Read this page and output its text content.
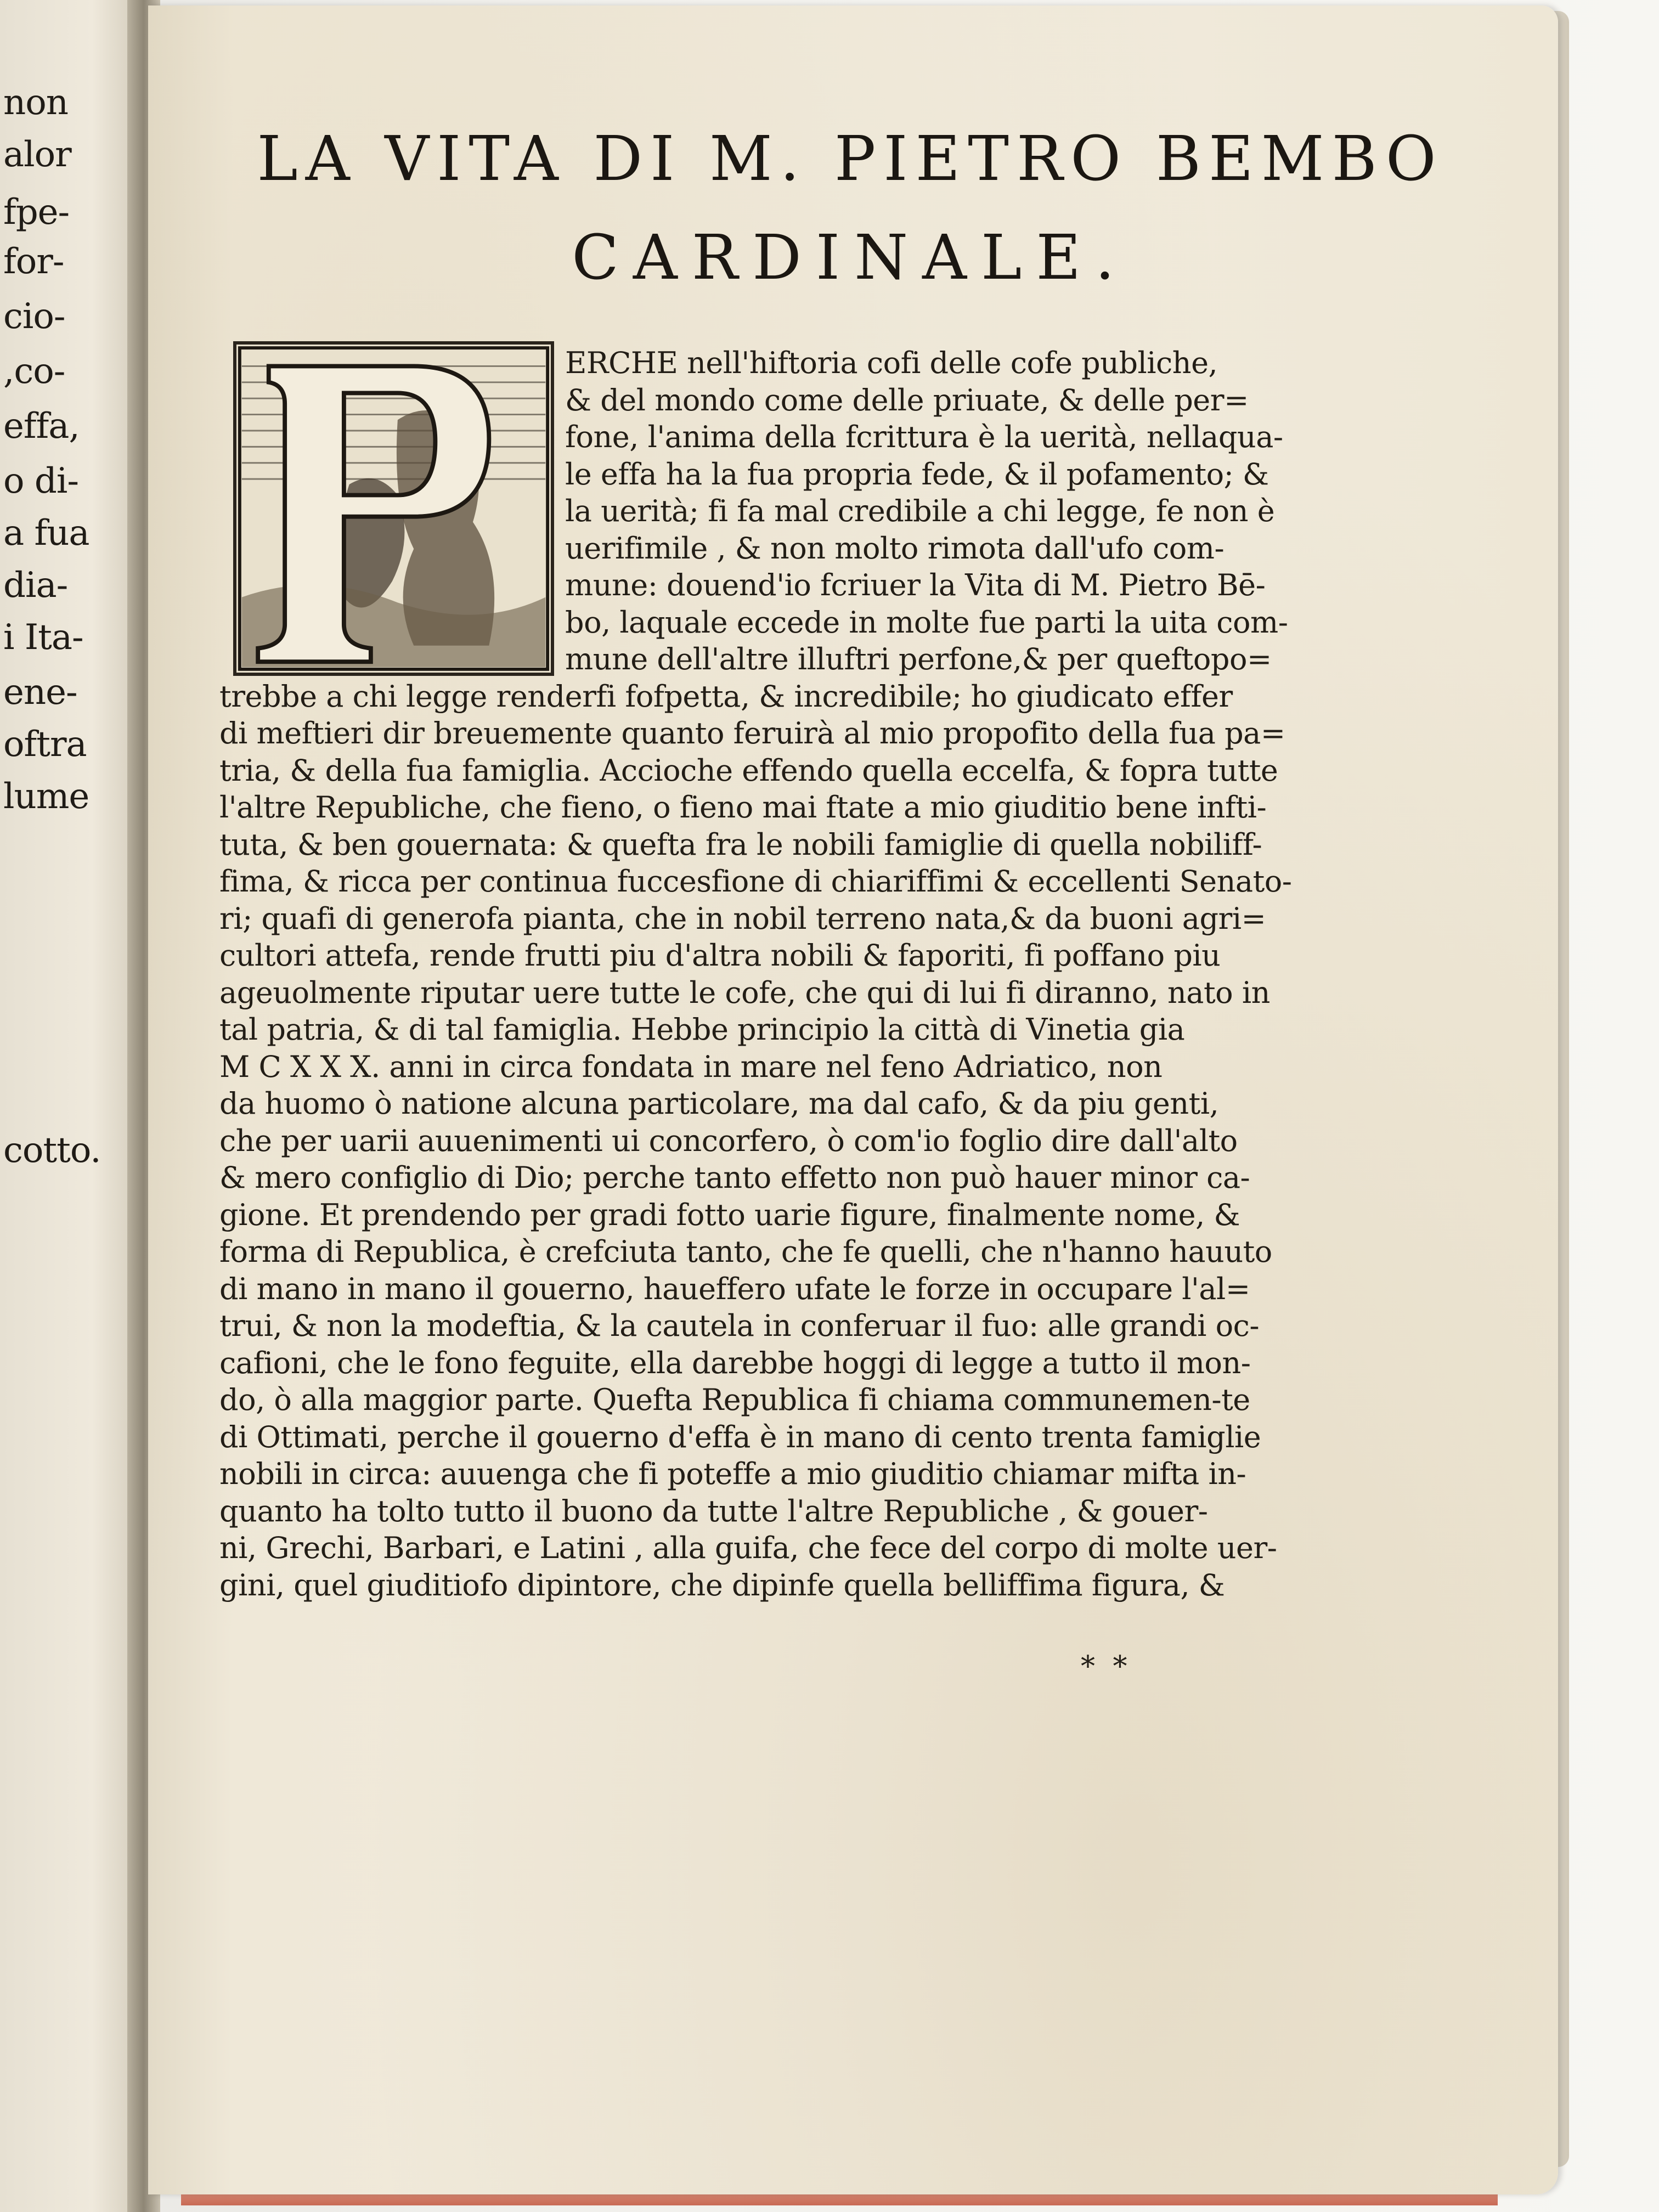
non
alor
fpe-
for-
cio-
,co-
effa,
o di-
a fua
dia-
i Ita-
ene-
oftra
lume
cotto.
LA VITA DI M. PIETRO BEMBO
CARDINALE.
ERCHE nell'hiftoria cofi delle cofe publiche,
& del mondo come delle priuate, & delle per=
fone, l'anima della fcrittura è la uerità, nellaqua-
le effa ha la fua propria fede, & il pofamento; &
la uerità; fi fa mal credibile a chi legge, fe non è
uerifimile , & non molto rimota dall'ufo com-
mune: douend'io fcriuer la Vita di M. Pietro Bē-
bo, laquale eccede in molte fue parti la uita com-
mune dell'altre illuftri perfone,& per queftopo=
trebbe a chi legge renderfi fofpetta, & incredibile; ho giudicato effer
di meftieri dir breuemente quanto feruirà al mio propofito della fua pa=
tria, & della fua famiglia. Accioche effendo quella eccelfa, & fopra tutte
l'altre Republiche, che fieno, o fieno mai ftate a mio giuditio bene infti-
tuta, & ben gouernata: & quefta fra le nobili famiglie di quella nobiliff-
fima, & ricca per continua fuccesfione di chiariffimi & eccellenti Senato-
ri; quafi di generofa pianta, che in nobil terreno nata,& da buoni agri=
cultori attefa, rende frutti piu d'altra nobili & faporiti, fi poffano piu
ageuolmente riputar uere tutte le cofe, che qui di lui fi diranno, nato in
tal patria, & di tal famiglia. Hebbe principio la città di Vinetia gia
M C X X X. anni in circa fondata in mare nel feno Adriatico, non
da huomo ò natione alcuna particolare, ma dal cafo, & da piu genti,
che per uarii auuenimenti ui concorfero, ò com'io foglio dire dall'alto
& mero configlio di Dio; perche tanto effetto non può hauer minor ca-
gione. Et prendendo per gradi fotto uarie figure, finalmente nome, &
forma di Republica, è crefciuta tanto, che fe quelli, che n'hanno hauuto
di mano in mano il gouerno, haueffero ufate le forze in occupare l'al=
trui, & non la modeftia, & la cautela in conferuar il fuo: alle grandi oc-
cafioni, che le fono feguite, ella darebbe hoggi di legge a tutto il mon-
do, ò alla maggior parte. Quefta Republica fi chiama communemen-te
di Ottimati, perche il gouerno d'effa è in mano di cento trenta famiglie
nobili in circa: auuenga che fi poteffe a mio giuditio chiamar mifta in-
quanto ha tolto tutto il buono da tutte l'altre Republiche , & gouer-
ni, Grechi, Barbari, e Latini , alla guifa, che fece del corpo di molte uer-
gini, quel giuditiofo dipintore, che dipinfe quella belliffima figura, &
* *
